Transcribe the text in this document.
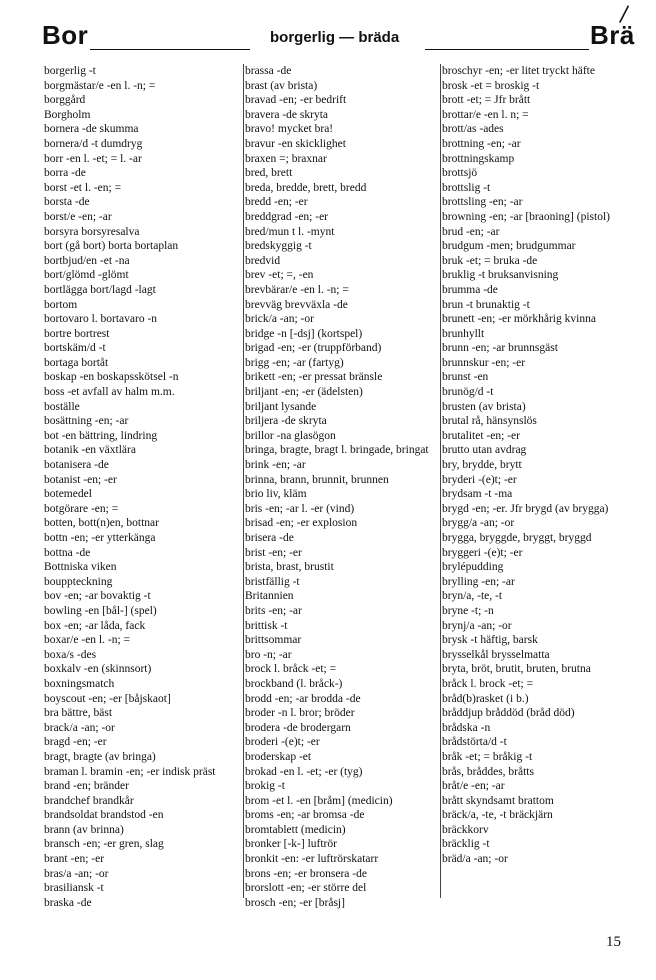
\
Bor	borgerlig — bräda	Brä

borgerlig -t

borgmästar/e -en l. -n; =

borggård

Borgholm

bornera -de skumma

bornera/d -t dumdryg

borr -en l. -et; = l. -ar

borra -de

borst -et l. -en; =

borsta -de

borst/e -en; -ar

borsyra borsyresalva

bort (gå bort) borta bortaplan

bortbjud/en -et -na

bort/glömd -glömt

bortlägga bort/lagd -lagt

bortom

bortovaro l. bortavaro -n

bortre bortrest

bortskäm/d -t

bortaga bortåt

boskap -en boskapsskötsel -n

boss -et avfall av halm m.m.

boställe

bosättning -en; -ar

bot -en bättring, lindring

botanik -en växtlära

botanisera -de

botanist -en; -er

botemedel

botgörare -en; =

botten, bott(n)en, bottnar

bottn -en; -er ytterkänga

bottna -de

Bottniska viken

bouppteckning

bov -en; -ar bovaktig -t

bowling -en [bål-] (spel)

box -en; -ar låda, fack

boxar/e -en l. -n; =

boxa/s -des

boxkalv -en (skinnsort)

boxningsmatch

boyscout -en; -er [båjskaot]

bra bättre, bäst

brack/a -an; -or

bragd -en; -er

bragt, bragte (av bringa)

braman l. bramin -en; -er indisk präst

brand -en; bränder

brandchef brandkår

brandsoldat brandstod -en

brann (av brinna)

bransch -en; -er gren, slag

brant -en; -er

bras/a -an; -or

brasiliansk -t

braska -de

brassa -de

brast (av brista)

bravad -en; -er bedrift

bravera -de skryta

bravo! mycket bra!

bravur -en skicklighet

braxen =; braxnar

bred, brett

breda, bredde, brett, bredd

bredd -en; -er

breddgrad -en; -er

bred/mun t l. -mynt

bredskyggig -t

bredvid

brev -et; =, -en

brevbärar/e -en l. -n; =

brevväg brevväxla -de

brick/a -an; -or

bridge -n [-dsj] (kortspel)

brigad -en; -er (truppförband)

brigg -en; -ar (fartyg)

brikett -en; -er pressat bränsle

briljant -en; -er (ädelsten)

briljant lysande

briljera -de skryta

brillor -na glasögon

bringa, bragte, bragt l. bringade, bringat

brink -en; -ar

brinna, brann, brunnit, brunnen

brio liv, kläm

bris -en; -ar l. -er (vind)

brisad -en; -er explosion

brisera -de

brist -en; -er

brista, brast, brustit

bristfällig -t

Britannien

brits -en; -ar

brittisk -t

brittsommar

bro -n; -ar

brock l. bråck -et; =

brockband (l. bråck-)

brodd -en; -ar brodda -de

broder -n l. bror; bröder

brodera -de brodergarn

broderi -(e)t; -er

broderskap -et

brokad -en l. -et; -er (tyg)

brokig -t

brom -et l. -en [bråm] (medicin)

broms -en; -ar bromsa -de

bromtablett (medicin)

bronker [-k-] luftrör

bronkit -en: -er luftrörskatarr

brons -en; -er bronsera -de

brorslott -en; -er större del

brosch -en; -er [bråsj]

broschyr -en; -er litet tryckt häfte

brosk -et = broskig -t

brott -et; = Jfr brått

brottar/e -en l. n; =

brott/as -ades

brottning -en; -ar

brottningskamp

brottsjö

brottslig -t

brottsling -en; -ar

browning -en; -ar [braoning] (pistol)

brud -en; -ar

brudgum -men; brudgummar

bruk -et; = bruka -de

bruklig -t bruksanvisning

brumma -de

brun -t brunaktig -t

brunett -en; -er mörkhårig kvinna

brunhyllt

brunn -en; -ar brunnsgäst

brunnskur -en; -er

brunst -en

brunög/d -t

brusten (av brista)

brutal rå, hänsynslös

brutalitet -en; -er

brutto utan avdrag

bry, brydde, brytt

bryderi -(e)t; -er

brydsam -t -ma

brygd -en; -er. Jfr brygd (av brygga)

brygg/a -an; -or

brygga, bryggde, bryggt, bryggd

bryggeri -(e)t; -er

brylépudding

brylling -en; -ar

bryn/a, -te, -t

bryne -t; -n

brynj/a -an; -or

brysk -t häftig, barsk

brysselkål brysselmatta

bryta, bröt, brutit, bruten, brutna

bråck l. brock -et; =

bråd(b)rasket (i b.)

bråddjup bråddöd (bråd död)

brådska -n

brådstörta/d -t

bråk -et; = bråkig -t

brås, bråddes, bråtts

bråt/e -en; -ar

brått skyndsamt brattom

bräck/a, -te, -t bräckjärn

bräckkorv

bräcklig -t

bräd/a -an; -or

15
